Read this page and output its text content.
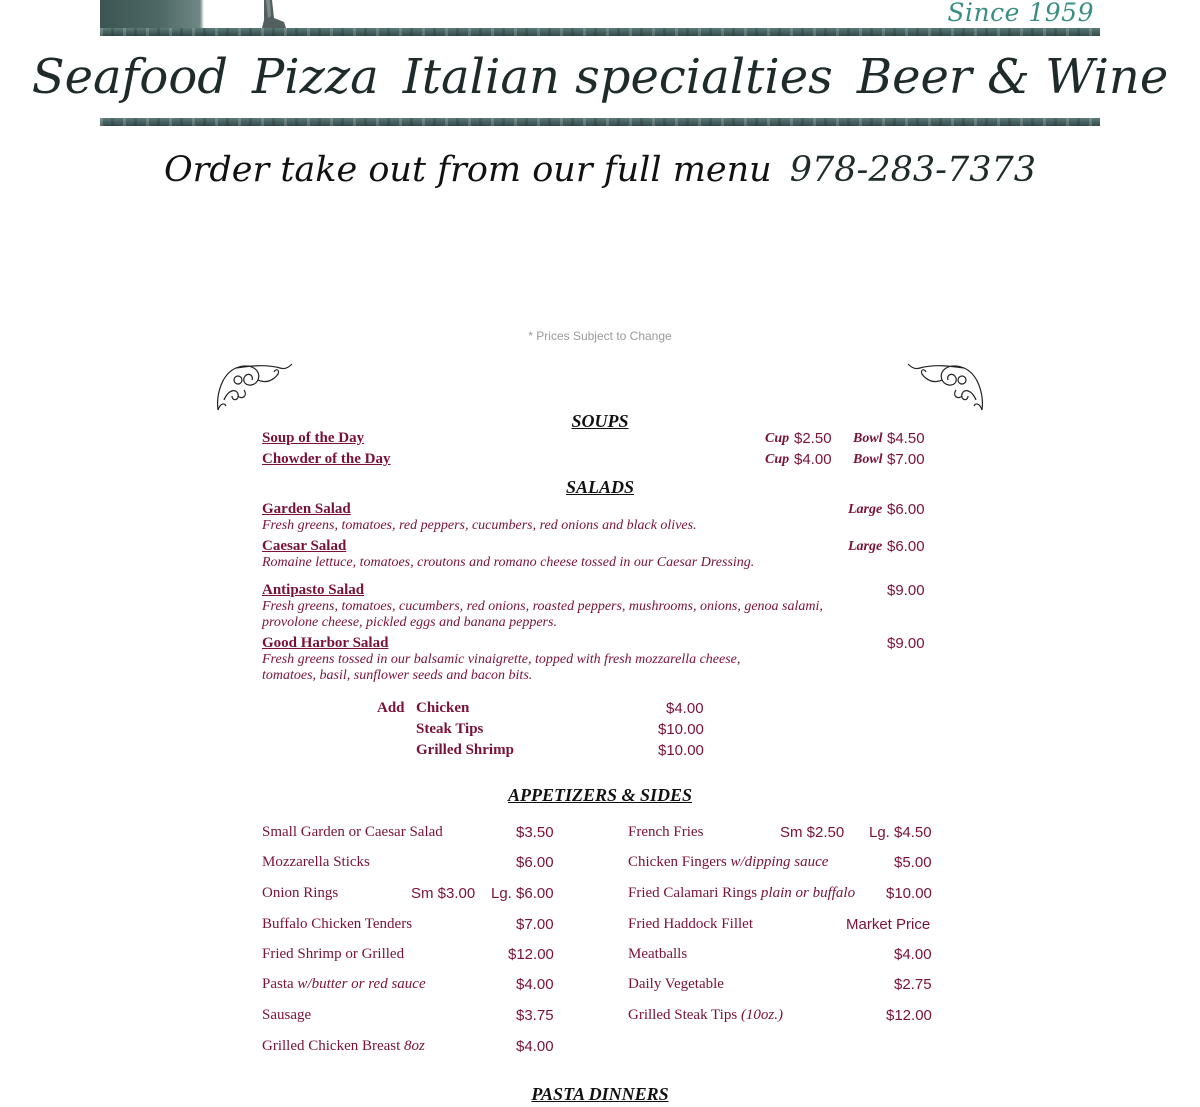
Since 1959
Seafood Pizza Italian specialties Beer & Wine
Order take out from our full menu 978-283-7373
* Prices Subject to Change
SOUPS
Soup of the Day	Cup $2.50 Bowl $4.50
Chowder of the Day	Cup $4.00 Bowl $7.00
SALADS
Garden Salad
Fresh greens, tomatoes, red peppers, cucumbers, red onions and black olives.
Large $6.00
Caesar Salad
Romaine lettuce, tomatoes, croutons and romano cheese tossed in our Caesar Dressing.
Large $6.00
Antipasto Salad
Fresh greens, tomatoes, cucumbers, red onions, roasted peppers, mushrooms, onions, genoa salami, provolone cheese, pickled eggs and banana peppers.
$9.00
Good Harbor Salad
Fresh greens tossed in our balsamic vinaigrette, topped with fresh mozzarella cheese, tomatoes, basil, sunflower seeds and bacon bits.
$9.00
Add Chicken	$4.00
Steak Tips	$10.00
Grilled Shrimp	$10.00
APPETIZERS & SIDES
Small Garden or Caesar Salad	$3.50
Mozzarella Sticks	$6.00
Onion Rings	Sm $3.00 Lg. $6.00
Buffalo Chicken Tenders	$7.00
Fried Shrimp or Grilled	$12.00
Pasta w/butter or red sauce	$4.00
Sausage	$3.75
Grilled Chicken Breast 8oz	$4.00
French Fries	Sm $2.50 Lg. $4.50
Chicken Fingers w/dipping sauce	$5.00
Fried Calamari Rings plain or buffalo $10.00
Fried Haddock Fillet	Market Price
Meatballs	$4.00
Daily Vegetable	$2.75
Grilled Steak Tips (10oz.)	$12.00
PASTA DINNERS
